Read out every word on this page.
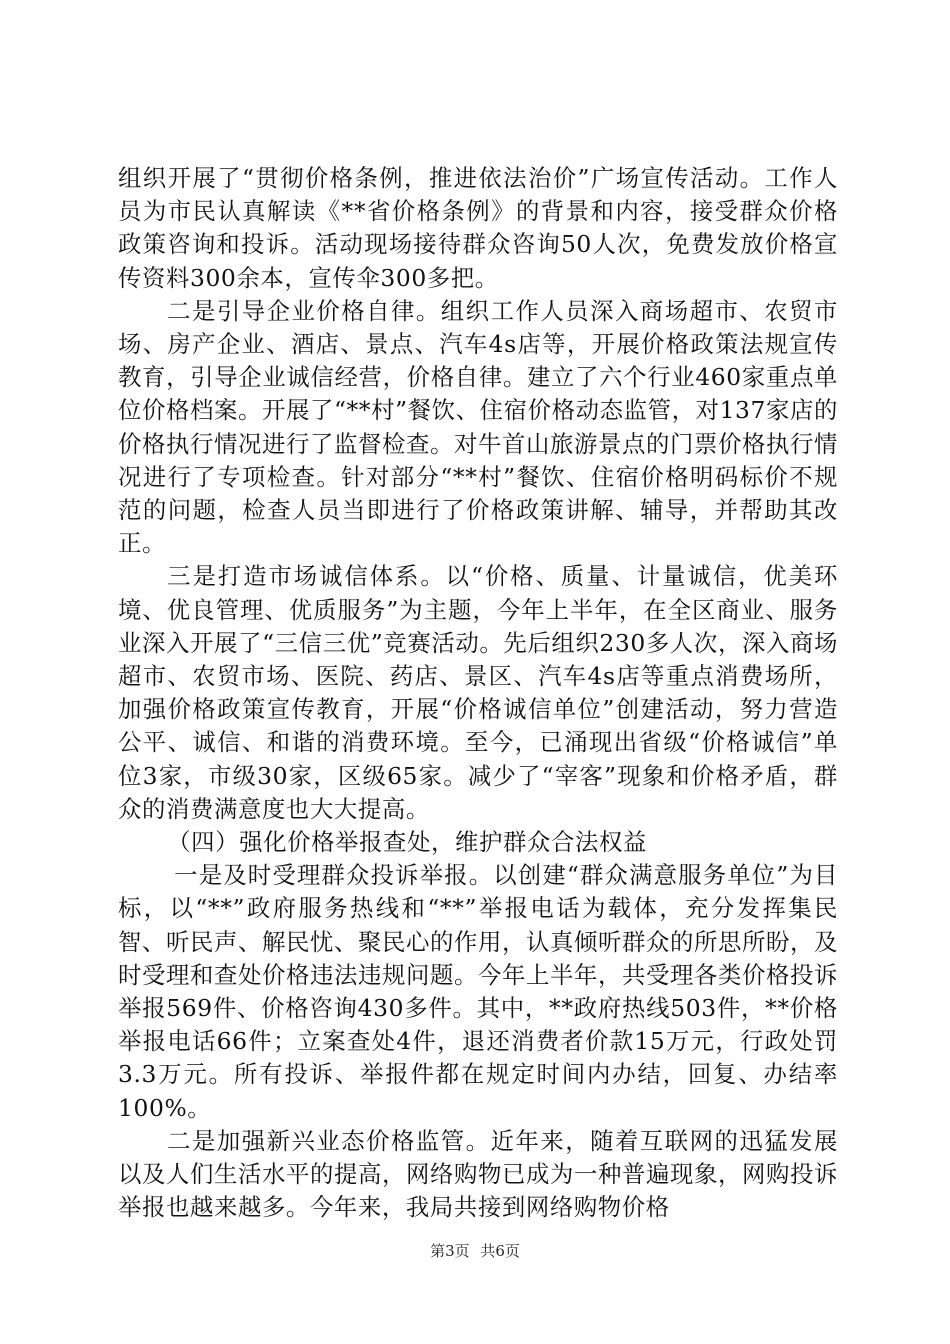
组织开展了“贯彻价格条例，推进依法治价”广场宣传活动。工作人员为市民认真解读《**省价格条例》的背景和内容，接受群众价格政策咨询和投诉。活动现场接待群众咨询50人次，免费发放价格宣传资料300余本，宣传伞300多把。

二是引导企业价格自律。组织工作人员深入商场超市、农贸市场、房产企业、酒店、景点、汽车4s店等，开展价格政策法规宣传教育，引导企业诚信经营，价格自律。建立了六个行业460家重点单位价格档案。开展了“**村”餐饮、住宿价格动态监管，对137家店的价格执行情况进行了监督检查。对牛首山旅游景点的门票价格执行情况进行了专项检查。针对部分“**村”餐饮、住宿价格明码标价不规范的问题，检查人员当即进行了价格政策讲解、辅导，并帮助其改正。

三是打造市场诚信体系。以“价格、质量、计量诚信，优美环境、优良管理、优质服务”为主题，今年上半年，在全区商业、服务业深入开展了“三信三优”竞赛活动。先后组织230多人次，深入商场超市、农贸市场、医院、药店、景区、汽车4s店等重点消费场所，加强价格政策宣传教育，开展“价格诚信单位”创建活动，努力营造公平、诚信、和谐的消费环境。至今，已涌现出省级“价格诚信”单位3家，市级30家，区级65家。减少了“宰客”现象和价格矛盾，群众的消费满意度也大大提高。

（四）强化价格举报查处，维护群众合法权益

一是及时受理群众投诉举报。以创建“群众满意服务单位”为目标，以“**”政府服务热线和“**”举报电话为载体，充分发挥集民智、听民声、解民忧、聚民心的作用，认真倾听群众的所思所盼，及时受理和查处价格违法违规问题。今年上半年，共受理各类价格投诉举报569件、价格咨询430多件。其中，**政府热线503件，**价格举报电话66件；立案查处4件，退还消费者价款15万元，行政处罚3.3万元。所有投诉、举报件都在规定时间内办结，回复、办结率100%。

二是加强新兴业态价格监管。近年来，随着互联网的迅猛发展以及人们生活水平的提高，网络购物已成为一种普遍现象，网购投诉举报也越来越多。今年来，我局共接到网络购物价格

第3页 共6页
